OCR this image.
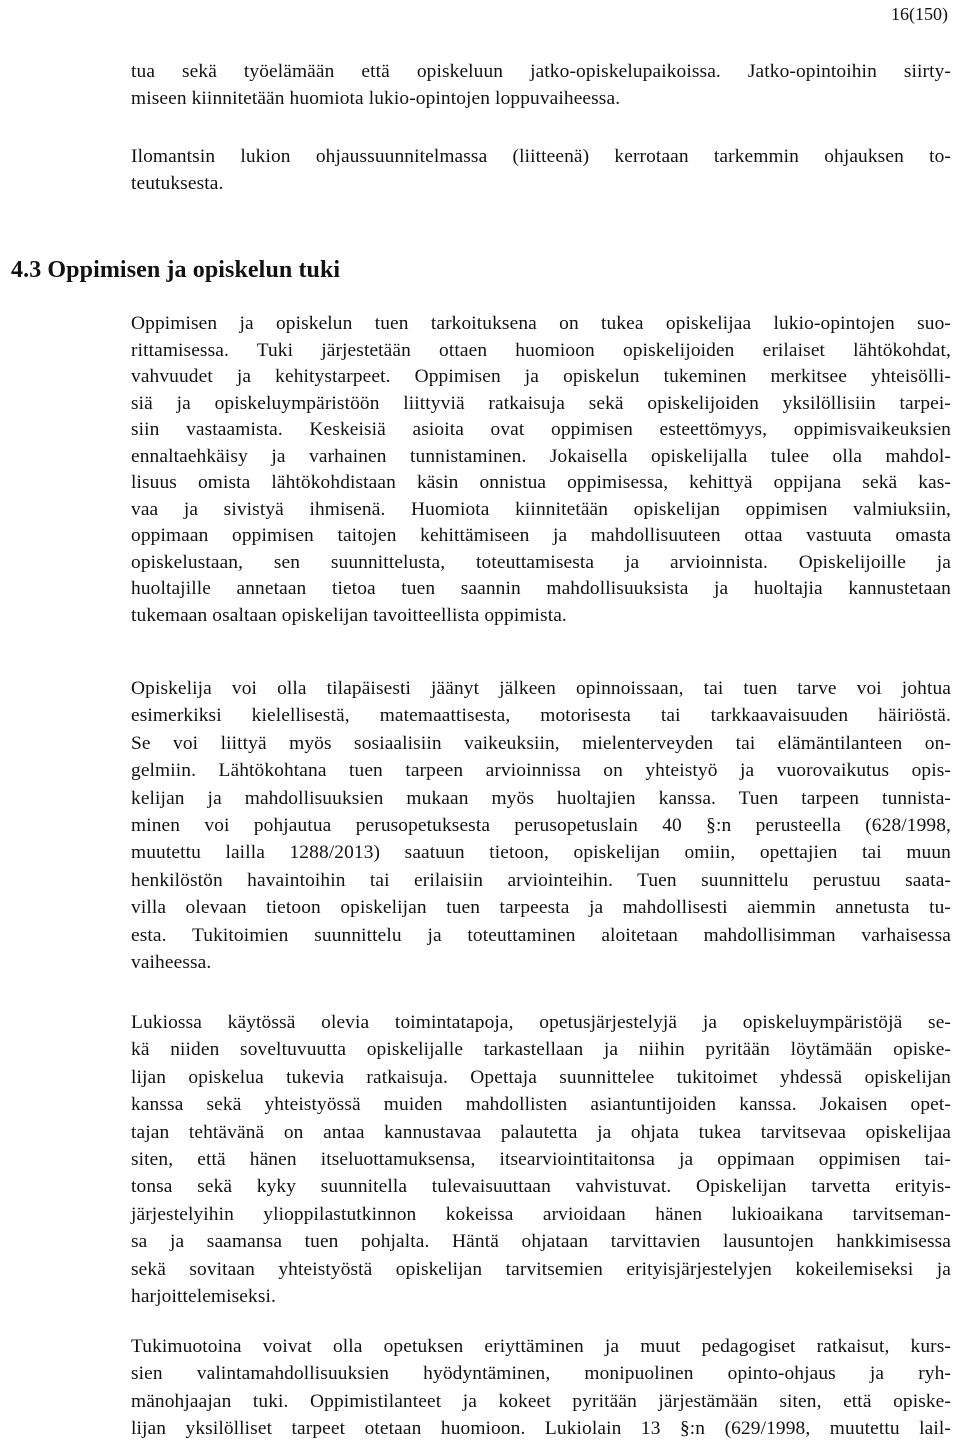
16(150)
tua sekä työelämään että opiskeluun jatko-opiskelupaikoissa. Jatko-opintoihin siirty-
miseen kiinnitetään huomiota lukio-opintojen loppuvaiheessa.
Ilomantsin lukion ohjaussuunnitelmassa (liitteenä) kerrotaan tarkemmin ohjauksen to-
teutuksesta.
4.3 Oppimisen ja opiskelun tuki
Oppimisen ja opiskelun tuen tarkoituksena on tukea opiskelijaa lukio-opintojen suo-
rittamisessa. Tuki järjestetään ottaen huomioon opiskelijoiden erilaiset lähtökohdat,
vahvuudet ja kehitystarpeet. Oppimisen ja opiskelun tukeminen merkitsee yhteisölli-
siä ja opiskeluympäristöön liittyviä ratkaisuja sekä opiskelijoiden yksilöllisiin tarpei-
siin vastaamista. Keskeisiä asioita ovat oppimisen esteettömyys, oppimisvaikeuksien
ennaltaehkäisy ja varhainen tunnistaminen. Jokaisella opiskelijalla tulee olla mahdol-
lisuus omista lähtökohdistaan käsin onnistua oppimisessa, kehittyä oppijana sekä kas-
vaa ja sivistyä ihmisenä. Huomiota kiinnitetään opiskelijan oppimisen valmiuksiin,
oppimaan oppimisen taitojen kehittämiseen ja mahdollisuuteen ottaa vastuuta omasta
opiskelustaan, sen suunnittelusta, toteuttamisesta ja arvioinnista. Opiskelijoille ja
huoltajille annetaan tietoa tuen saannin mahdollisuuksista ja huoltajia kannustetaan
tukemaan osaltaan opiskelijan tavoitteellista oppimista.
Opiskelija voi olla tilapäisesti jäänyt jälkeen opinnoissaan, tai tuen tarve voi johtua
esimerkiksi kielellisestä, matemaattisesta, motorisesta tai tarkkaavaisuuden häiriöstä.
Se voi liittyä myös sosiaalisiin vaikeuksiin, mielenterveyden tai elämäntilanteen on-
gelmiin. Lähtökohtana tuen tarpeen arvioinnissa on yhteistyö ja vuorovaikutus opis-
kelijan ja mahdollisuuksien mukaan myös huoltajien kanssa. Tuen tarpeen tunnista-
minen voi pohjautua perusopetuksesta perusopetuslain 40 §:n perusteella (628/1998,
muutettu lailla 1288/2013) saatuun tietoon, opiskelijan omiin, opettajien tai muun
henkilöstön havaintoihin tai erilaisiin arviointeihin. Tuen suunnittelu perustuu saata-
villa olevaan tietoon opiskelijan tuen tarpeesta ja mahdollisesti aiemmin annetusta tu-
esta. Tukitoimien suunnittelu ja toteuttaminen aloitetaan mahdollisimman varhaisessa
vaiheessa.
Lukiossa käytössä olevia toimintatapoja, opetusjärjestelyjä ja opiskeluympäristöjä se-
kä niiden soveltuvuutta opiskelijalle tarkastellaan ja niihin pyritään löytämään opiske-
lijan opiskelua tukevia ratkaisuja. Opettaja suunnittelee tukitoimet yhdessä opiskelijan
kanssa sekä yhteistyössä muiden mahdollisten asiantuntijoiden kanssa. Jokaisen opet-
tajan tehtävänä on antaa kannustavaa palautetta ja ohjata tukea tarvitsevaa opiskelijaa
siten, että hänen itseluottamuksensa, itsearviointitaitonsa ja oppimaan oppimisen tai-
tonsa sekä kyky suunnitella tulevaisuuttaan vahvistuvat. Opiskelijan tarvetta erityis-
järjestelyihin ylioppilastutkinnon kokeissa arvioidaan hänen lukioaikana tarvitseman-
sa ja saamansa tuen pohjalta. Häntä ohjataan tarvittavien lausuntojen hankkimisessa
sekä sovitaan yhteistyöstä opiskelijan tarvitsemien erityisjärjestelyjen kokeilemiseksi ja
harjoittelemiseksi.
Tukimuotoina voivat olla opetuksen eriyttäminen ja muut pedagogiset ratkaisut, kurs-
sien valintamahdollisuuksien hyödyntäminen, monipuolinen opinto-ohjaus ja ryh-
mänohjaajan tuki. Oppimistilanteet ja kokeet pyritään järjestämään siten, että opiske-
lijan yksilölliset tarpeet otetaan huomioon. Lukiolain 13 §:n (629/1998, muutettu lail-
